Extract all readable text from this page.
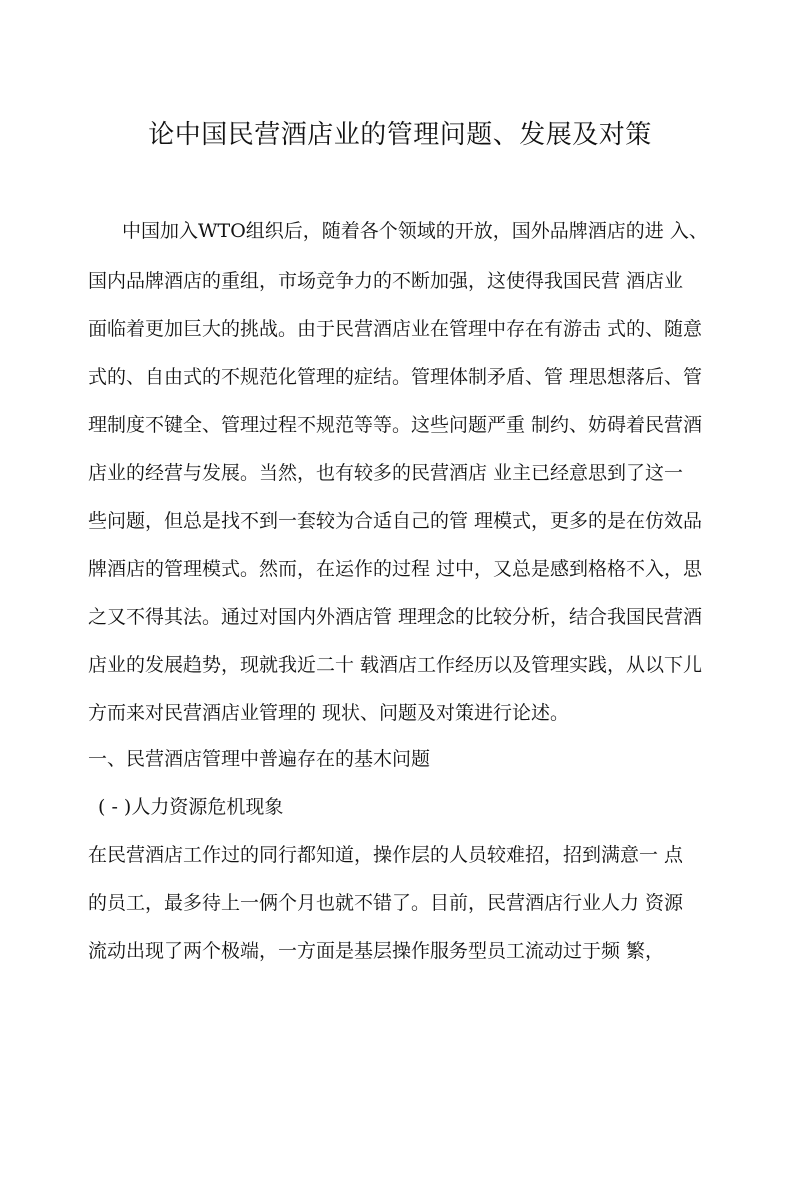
论中国民营酒店业的管理问题、发展及对策
中国加入WTO组织后，随着各个领域的开放，国外品牌酒店的进 入、
国内品牌酒店的重组，市场竞争力的不断加强，这使得我国民营 酒店业
面临着更加巨大的挑战。由于民营酒店业在管理中存在有游击 式的、随意
式的、自由式的不规范化管理的症结。管理体制矛盾、管 理思想落后、管
理制度不键全、管理过程不规范等等。这些问题严重 制约、妨碍着民营酒
店业的经营与发展。当然，也有较多的民营酒店 业主已经意思到了这一
些问题，但总是找不到一套较为合适自己的管 理模式，更多的是在仿效品
牌酒店的管理模式。然而，在运作的过程 过中，又总是感到格格不入，思
之又不得其法。通过对国内外酒店管 理理念的比较分析，结合我国民营酒
店业的发展趋势，现就我近二十 载酒店工作经历以及管理实践，从以下儿
方而来对民营酒店业管理的 现状、问题及对策进行论述。
一、民营酒店管理中普遍存在的基木问题
( - )人力资源危机现象
在民营酒店工作过的同行都知道，操作层的人员较难招，招到满意一 点
的员工，最多待上一俩个月也就不错了。目前，民营酒店行业人力 资源
流动出现了两个极端，一方面是基层操作服务型员工流动过于频 繁，
